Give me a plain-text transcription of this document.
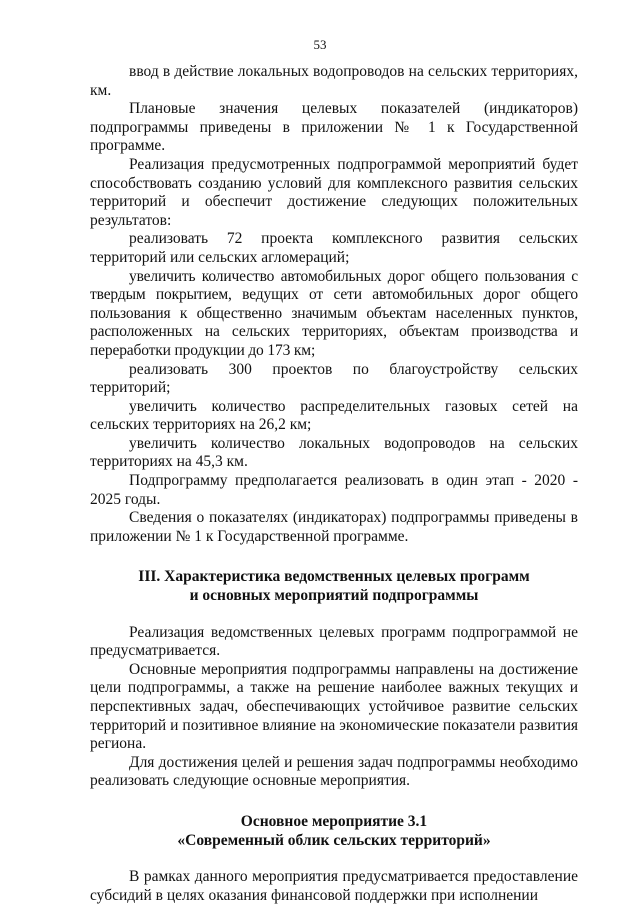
53

ввод в действие локальных водопроводов на сельских территориях, км.

Плановые значения целевых показателей (индикаторов) подпрограммы приведены в приложении № 1 к Государственной программе.

Реализация предусмотренных подпрограммой мероприятий будет способствовать созданию условий для комплексного развития сельских территорий и обеспечит достижение следующих положительных результатов:

реализовать 72 проекта комплексного развития сельских территорий или сельских агломераций;

увеличить количество автомобильных дорог общего пользования с твердым покрытием, ведущих от сети автомобильных дорог общего пользования к общественно значимым объектам населенных пунктов, расположенных на сельских территориях, объектам производства и переработки продукции до 173 км;

реализовать 300 проектов по благоустройству сельских территорий;

увеличить количество распределительных газовых сетей на сельских территориях на 26,2 км;

увеличить количество локальных водопроводов на сельских территориях на 45,3 км.

Подпрограмму предполагается реализовать в один этап - 2020 - 2025 годы.

Сведения о показателях (индикаторах) подпрограммы приведены в приложении № 1 к Государственной программе.

III. Характеристика ведомственных целевых программ
и основных мероприятий подпрограммы

Реализация ведомственных целевых программ подпрограммой не предусматривается.

Основные мероприятия подпрограммы направлены на достижение цели подпрограммы, а также на решение наиболее важных текущих и перспективных задач, обеспечивающих устойчивое развитие сельских территорий и позитивное влияние на экономические показатели развития региона.

Для достижения целей и решения задач подпрограммы необходимо реализовать следующие основные мероприятия.

Основное мероприятие 3.1
«Современный облик сельских территорий»

В рамках данного мероприятия предусматривается предоставление субсидий в целях оказания финансовой поддержки при исполнении
